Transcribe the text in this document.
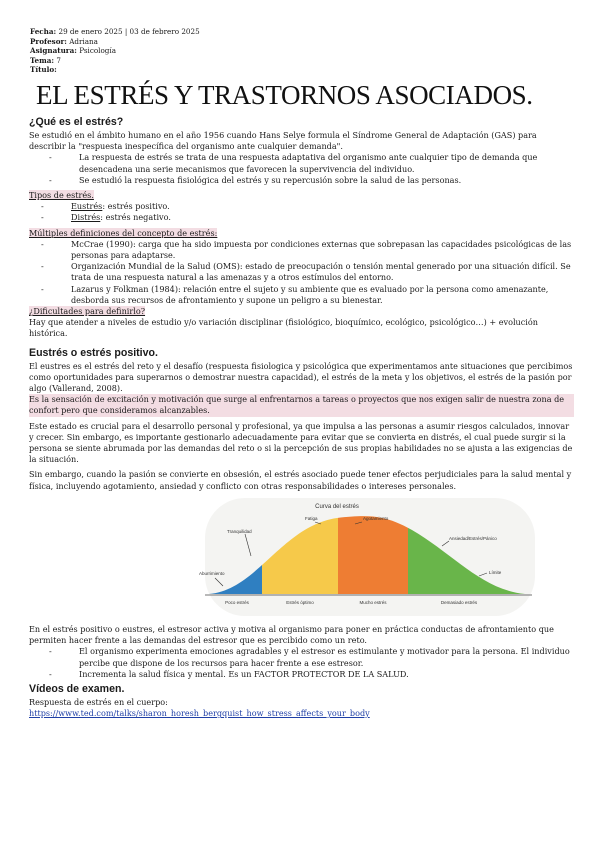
Fecha: 29 de enero 2025 | 03 de febrero 2025
Profesor: Adriana
Asignatura: Psicología
Tema: 7
Título:
EL ESTRÉS Y TRASTORNOS ASOCIADOS.
¿Qué es el estrés?

Se estudió en el ámbito humano en el año 1956 cuando Hans Selye formula el Síndrome General de Adaptación (GAS) para describir la "respuesta inespecífica del organismo ante cualquier demanda".

- La respuesta de estrés se trata de una respuesta adaptativa del organismo ante cualquier tipo de demanda que desencadena una serie mecanismos que favorecen la supervivencia del individuo.
- Se estudió la respuesta fisiológica del estrés y su repercusión sobre la salud de las personas.
Tipos de estrés.
- Eustrés: estrés positivo.
- Distrés: estrés negativo.
Múltiples definiciones del concepto de estrés:
- McCrae (1990): carga que ha sido impuesta por condiciones externas que sobrepasan las capacidades psicológicas de las personas para adaptarse.
- Organización Mundial de la Salud (OMS): estado de preocupación o tensión mental generado por una situación difícil. Se trata de una respuesta natural a las amenazas y a otros estímulos del entorno.
- Lazarus y Folkman (1984): relación entre el sujeto y su ambiente que es evaluado por la persona como amenazante, desborda sus recursos de afrontamiento y supone un peligro a su bienestar.
¿Dificultades para definirlo?

Hay que atender a niveles de estudio y/o variación disciplinar (fisiológico, bioquímico, ecológico, psicológico…) + evolución histórica.

Eustrés o estrés positivo.

El eustres es el estrés del reto y el desafío (respuesta fisiologica y psicológica que experimentamos ante situaciones que percibimos como oportunidades para superarnos o demostrar nuestra capacidad), el estrés de la meta y los objetivos, el estrés de la pasión por algo (Vallerand, 2008).

Es la sensación de excitación y motivación que surge al enfrentarnos a tareas o proyectos que nos exigen salir de nuestra zona de confort pero que consideramos alcanzables.

Este estado es crucial para el desarrollo personal y profesional, ya que impulsa a las personas a asumir riesgos calculados, innovar y crecer. Sin embargo, es importante gestionarlo adecuadamente para evitar que se convierta en distrés, el cual puede surgir si la persona se siente abrumada por las demandas del reto o si la percepción de sus propias habilidades no se ajusta a las exigencias de la situación.

Sin embargo, cuando la pasión se convierte en obsesión, el estrés asociado puede tener efectos perjudiciales para la salud mental y física, incluyendo agotamiento, ansiedad y conflicto con otras responsabilidades o intereses personales.

Curva del estrés
Fatiga	Agotamiento
Tranquilidad
Ansiedad/Estrés/Pánico
Aburrimiento	Límite
Poco estrés	Estrés óptimo	Mucho estrés	Demasiado estrés

En el estrés positivo o eustres, el estresor activa y motiva al organismo para poner en práctica conductas de afrontamiento que permiten hacer frente a las demandas del estresor que es percibido como un reto.

- El organismo experimenta emociones agradables y el estresor es estimulante y motivador para la persona. El individuo percibe que dispone de los recursos para hacer frente a ese estresor.
- Incrementa la salud física y mental. Es un FACTOR PROTECTOR DE LA SALUD.
Vídeos de examen.

Respuesta de estrés en el cuerpo:

https://www.ted.com/talks/sharon_horesh_bergquist_how_stress_affects_your_body
